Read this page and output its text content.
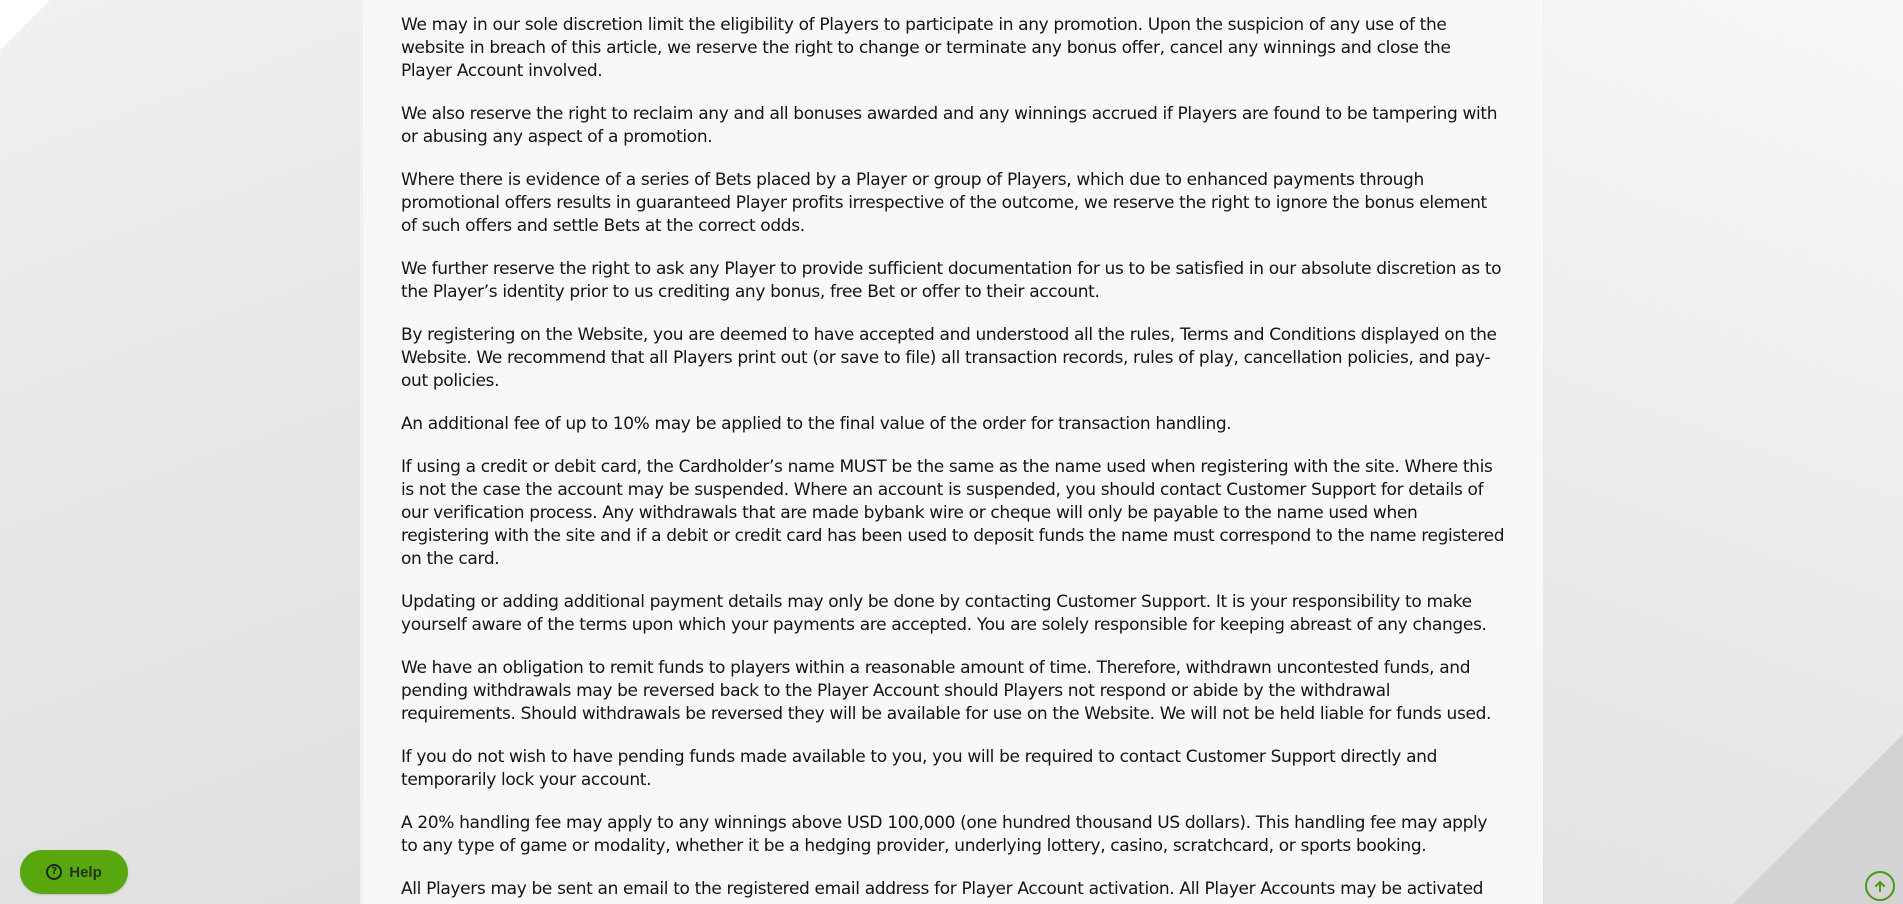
We may in our sole discretion limit the eligibility of Players to participate in any promotion. Upon the suspicion of any use of the website in breach of this article, we reserve the right to change or terminate any bonus offer, cancel any winnings and close the Player Account involved.

We also reserve the right to reclaim any and all bonuses awarded and any winnings accrued if Players are found to be tampering with or abusing any aspect of a promotion.

Where there is evidence of a series of Bets placed by a Player or group of Players, which due to enhanced payments through promotional offers results in guaranteed Player profits irrespective of the outcome, we reserve the right to ignore the bonus element of such offers and settle Bets at the correct odds.

We further reserve the right to ask any Player to provide sufficient documentation for us to be satisfied in our absolute discretion as to the Player’s identity prior to us crediting any bonus, free Bet or offer to their account.

By registering on the Website, you are deemed to have accepted and understood all the rules, Terms and Conditions displayed on the Website. We recommend that all Players print out (or save to file) all transaction records, rules of play, cancellation policies, and pay-out policies.

An additional fee of up to 10% may be applied to the final value of the order for transaction handling.

If using a credit or debit card, the Cardholder’s name MUST be the same as the name used when registering with the site. Where this is not the case the account may be suspended. Where an account is suspended, you should contact Customer Support for details of our verification process. Any withdrawals that are made bybank wire or cheque will only be payable to the name used when registering with the site and if a debit or credit card has been used to deposit funds the name must correspond to the name registered on the card.

Updating or adding additional payment details may only be done by contacting Customer Support. It is your responsibility to make yourself aware of the terms upon which your payments are accepted. You are solely responsible for keeping abreast of any changes.

We have an obligation to remit funds to players within a reasonable amount of time. Therefore, withdrawn uncontested funds, and pending withdrawals may be reversed back to the Player Account should Players not respond or abide by the withdrawal requirements. Should withdrawals be reversed they will be available for use on the Website. We will not be held liable for funds used.

If you do not wish to have pending funds made available to you, you will be required to contact Customer Support directly and temporarily lock your account.

A 20% handling fee may apply to any winnings above USD 100,000 (one hundred thousand US dollars). This handling fee may apply to any type of game or modality, whether it be a hedging provider, underlying lottery, casino, scratchcard, or sports booking.

All Players may be sent an email to the registered email address for Player Account activation. All Player Accounts may be activated

? Help
